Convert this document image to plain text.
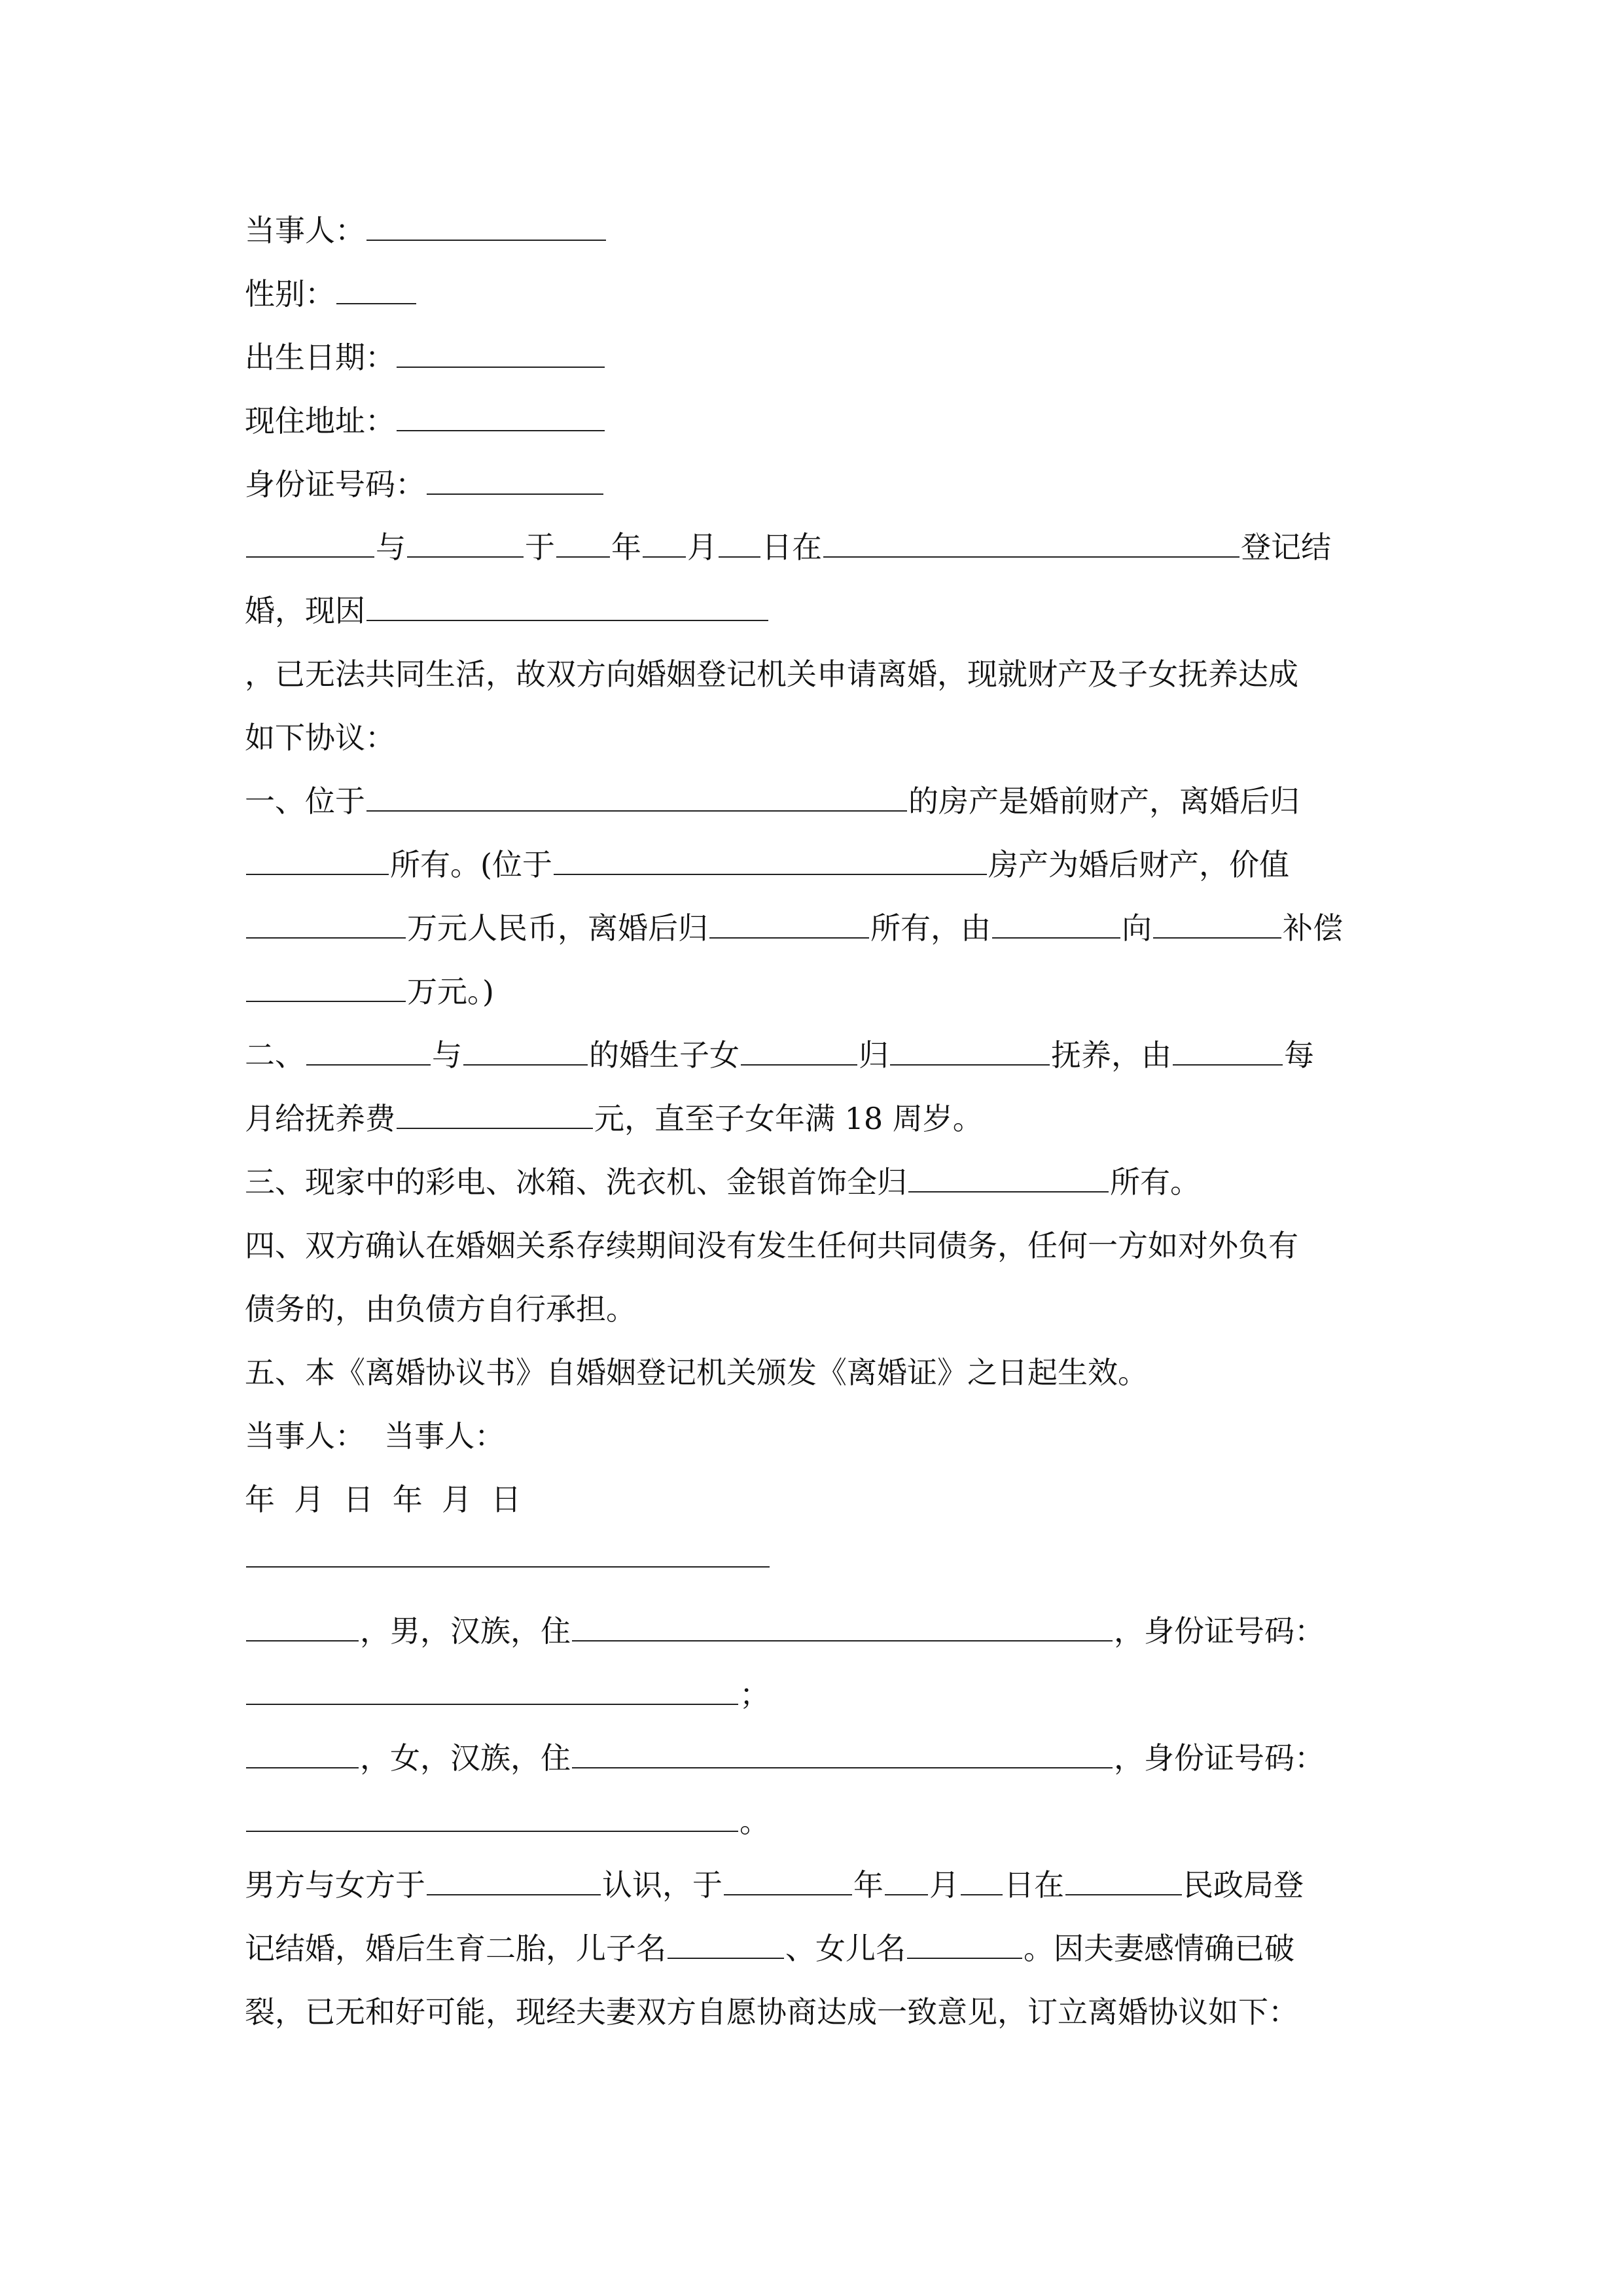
当事人：
性别：
出生日期：
现住地址：
身份证号码：
与	于 年 月 日在	登记结
婚，现因
，已无法共同生活，故双方向婚姻登记机关申请离婚，现就财产及子女抚养达成
如下协议：
一、位于	的房产是婚前财产，离婚后归
所有。(位于	房产为婚后财产，价值
万元人民币，离婚后归	所有，由	向	补偿
万元。)
二、	与	的婚生子女	归	抚养，由	每
月给抚养费	元，直至子女年满 18 周岁。
三、现家中的彩电、冰箱、洗衣机、金银首饰全归	所有。
四、双方确认在婚姻关系存续期间没有发生任何共同债务，任何一方如对外负有
债务的，由负债方自行承担。
五、本《离婚协议书》自婚姻登记机关颁发《离婚证》之日起生效。
当事人：  当事人：
年  月  日  年  月  日
，男，汉族，住	，身份证号码：
；
，女，汉族，住	，身份证号码：
。
男方与女方于	认识，于	年 月 日在	民政局登
记结婚，婚后生育二胎，儿子名	、女儿名	。因夫妻感情确已破
裂，已无和好可能，现经夫妻双方自愿协商达成一致意见，订立离婚协议如下：
